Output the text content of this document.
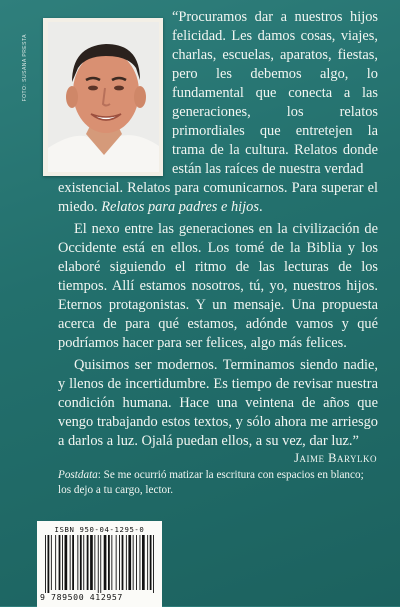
FOTO: SUSANA PRESTA

“Procuramos dar a nuestros hijos felicidad. Les damos cosas, viajes, charlas, escuelas, aparatos, fiestas, pero les debemos algo, lo fundamental que conecta a las generaciones, los relatos primordiales que entretejen la trama de la cultura. Relatos donde están las raíces de nuestra verdad

existencial. Relatos para comunicarnos. Para superar el miedo. Relatos para padres e hijos.

El nexo entre las generaciones en la civilización de Occidente está en ellos. Los tomé de la Biblia y los elaboré siguiendo el ritmo de las lecturas de los tiempos. Allí estamos nosotros, tú, yo, nuestros hijos. Eternos protagonistas. Y un mensaje. Una propuesta acerca de para qué estamos, adónde vamos y qué podríamos hacer para ser felices, algo más felices.

Quisimos ser modernos. Terminamos siendo nadie, y llenos de incertidumbre. Es tiempo de revisar nuestra condición humana. Hace una veintena de años que vengo trabajando estos textos, y sólo ahora me arriesgo a darlos a luz. Ojalá puedan ellos, a su vez, dar luz.”

Jaime Barylko
Postdata: Se me ocurrió matizar la escritura con espacios en blanco; los dejo a tu cargo, lector.
ISBN 950-04-1295-0
9 789500 412957
